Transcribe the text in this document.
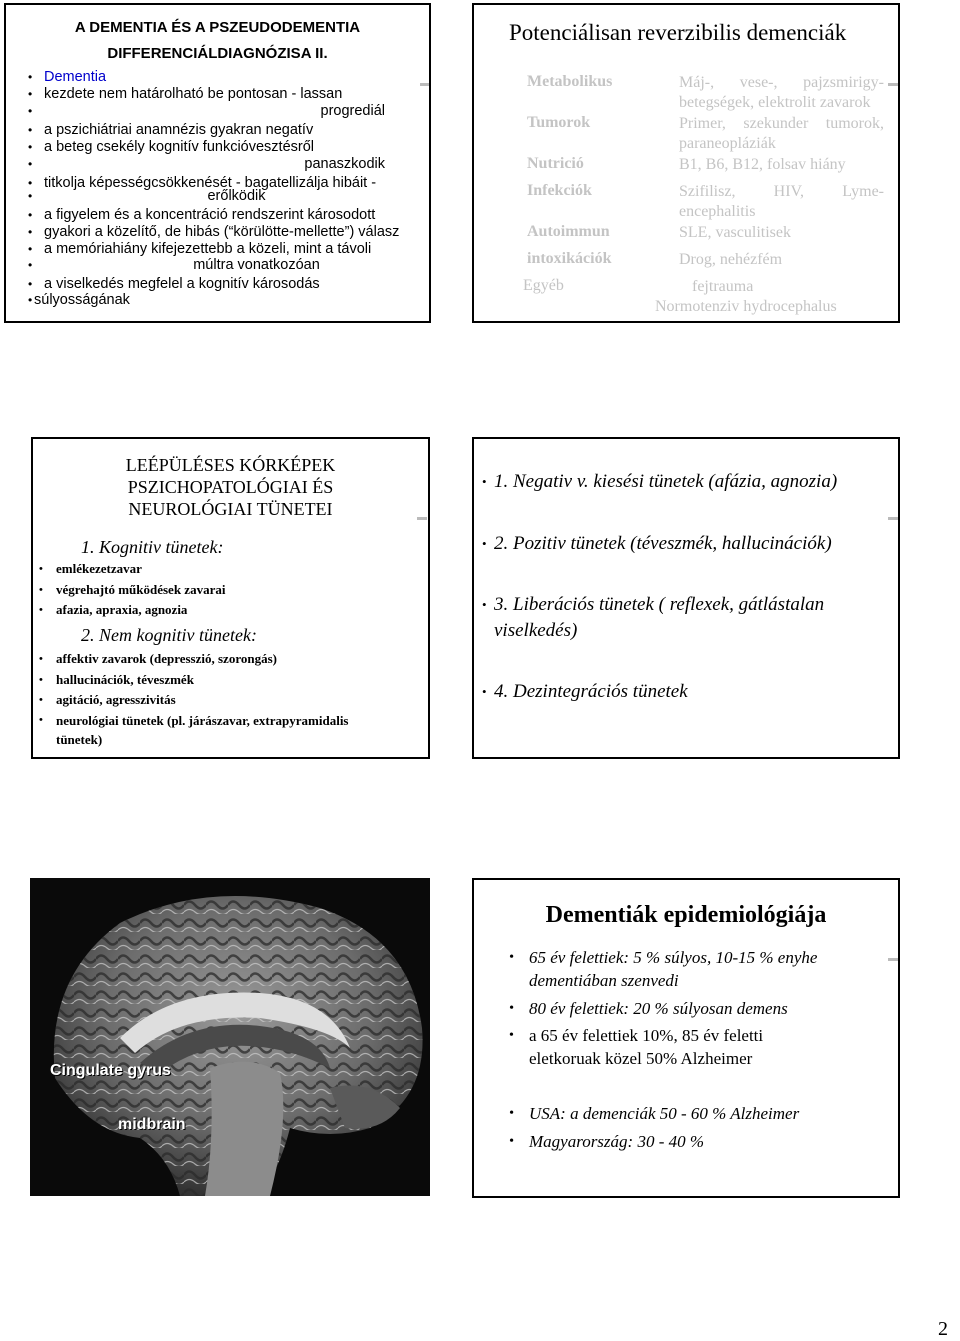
A DEMENTIA ÉS A PSZEUDODEMENTIA
DIFFERENCIÁLDIAGNÓZISA II.
• Dementia
• kezdete nem határolható be pontosan - lassan
• progrediál
• a pszichiátriai anamnézis gyakran negatív
• a beteg csekély kognitív funkcióvesztésről
• panaszkodik
• titkolja képességcsökkenését - bagatellizálja hibáit -
• erőlködik
• a figyelem és a koncentráció rendszerint károsodott
• gyakori a közelítő, de hibás (“körülötte-mellette”) válasz
• a memóriahiány kifejezettebb a közeli, mint a távoli
• múltra vonatkozóan
• a viselkedés megfelel a kognitív károsodás
• súlyosságának
Potenciálisan reverzibilis demenciák
Metabolikus	Máj-, vese-, pajzsmirigy-betegségek, elektrolit zavarok
Tumorok	Primer, szekunder tumorok, paraneopláziák
Nutrició	B1, B6, B12, folsav hiány
Infekciók	Szifilisz, HIV, Lyme-encephalitis
Autoimmun	SLE, vasculitisek
intoxikációk	Drog, nehézfém
Egyéb	fejtrauma
Normotenziv hydrocephalus
LEÉPÜLÉSES KÓRKÉPEK
PSZICHOPATOLÓGIAI ÉS
NEUROLÓGIAI TÜNETEI
1. Kognitiv tünetek:
• emlékezetzavar
• végrehajtó működések zavarai
• afazia, apraxia, agnozia
2. Nem kognitiv tünetek:
• affektiv zavarok (depresszió, szorongás)
• hallucinációk, téveszmék
• agitáció, agresszivitás
• neurológiai tünetek (pl. járászavar, extrapyramidalis tünetek)
• 1. Negativ v. kiesési tünetek (afázia, agnozia)
• 2. Pozitiv tünetek (téveszmék, hallucinációk)
• 3. Liberációs tünetek ( reflexek, gátlástalan viselkedés)
• 4. Dezintegrációs tünetek
Cingulate gyrus
midbrain
Dementiák epidemiológiája
• 65 év felettiek: 5 % súlyos, 10-15 % enyhe dementiában szenvedi
• 80 év felettiek: 20 % súlyosan demens
• a 65 év felettiek 10%, 85 év feletti eletkoruak közel 50% Alzheimer
• USA: a demenciák 50 - 60 % Alzheimer
• Magyarország: 30 - 40 %
2
